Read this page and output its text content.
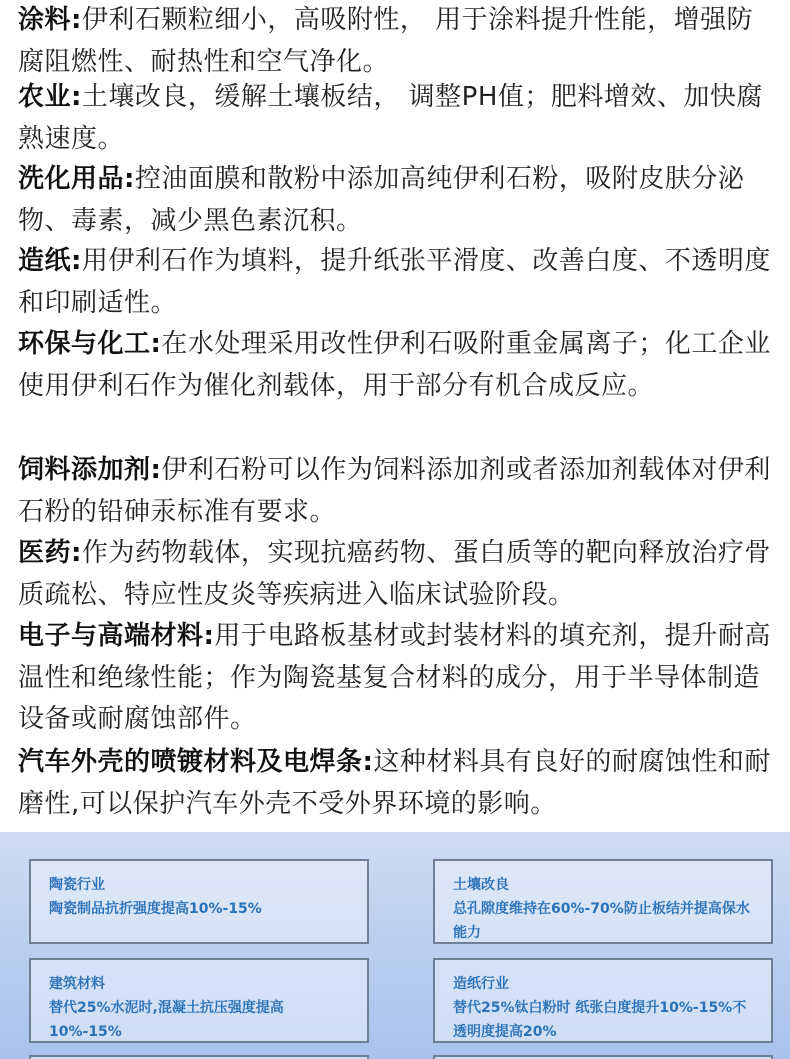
涂料:伊利石颗粒细小，高吸附性， 用于涂料提升性能，增强防腐阻燃性、耐热性和空气净化。

农业:土壤改良，缓解土壤板结， 调整PH值；肥料增效、加快腐熟速度。

洗化用品:控油面膜和散粉中添加高纯伊利石粉，吸附皮肤分泌物、毒素，减少黑色素沉积。

造纸:用伊利石作为填料，提升纸张平滑度、改善白度、不透明度和印刷适性。

环保与化工:在水处理采用改性伊利石吸附重金属离子；化工企业使用伊利石作为催化剂载体，用于部分有机合成反应。

饲料添加剂:伊利石粉可以作为饲料添加剂或者添加剂载体对伊利石粉的铅砷汞标准有要求。

医药:作为药物载体，实现抗癌药物、蛋白质等的靶向释放治疗骨质疏松、特应性皮炎等疾病进入临床试验阶段。

电子与高端材料:用于电路板基材或封装材料的填充剂，提升耐高温性和绝缘性能；作为陶瓷基复合材料的成分，用于半导体制造设备或耐腐蚀部件。

汽车外壳的喷镀材料及电焊条:这种材料具有良好的耐腐蚀性和耐磨性,可以保护汽车外壳不受外界环境的影响。

陶瓷行业
陶瓷制品抗折强度提高10%-15%
土壤改良
总孔隙度维持在60%-70%防止板结并提高保水能力
建筑材料
替代25%水泥时,混凝土抗压强度提高10%-15%
造纸行业
替代25%钛白粉时 纸张白度提升10%-15%不透明度提高20%
